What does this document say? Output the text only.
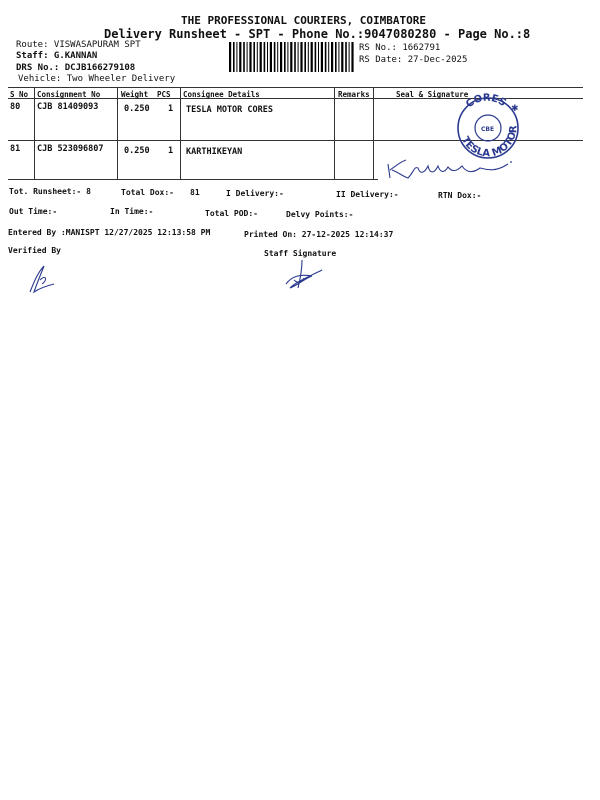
THE PROFESSIONAL COURIERS, COIMBATORE
Delivery Runsheet - SPT - Phone No.:9047080280 - Page No.:8
Route: VISWASAPURAM SPT
Staff: G.KANNAN
DRS No.: DCJB166279108
Vehicle: Two Wheeler Delivery
RS No.: 1662791
RS Date: 27-Dec-2025
S No Consignment No	Weight PCS Consignee Details	Remarks	Seal & Signature
80 CJB 81409093	0.250 1 TESLA MOTOR CORES
81 CJB 523096807 0.250 1 KARTHIKEYAN
CORES
TESLA MOTOR
CBE
✱
Tot. Runsheet:- 8	Total Dox:- 81	I Delivery:-	II Delivery:-	RTN Dox:-
Out Time:-	In Time:-	Total POD:-	Delvy Points:-
Entered By :MANISPT 12/27/2025 12:13:58 PM	Printed On: 27-12-2025 12:14:37
Verified By	Staff Signature
